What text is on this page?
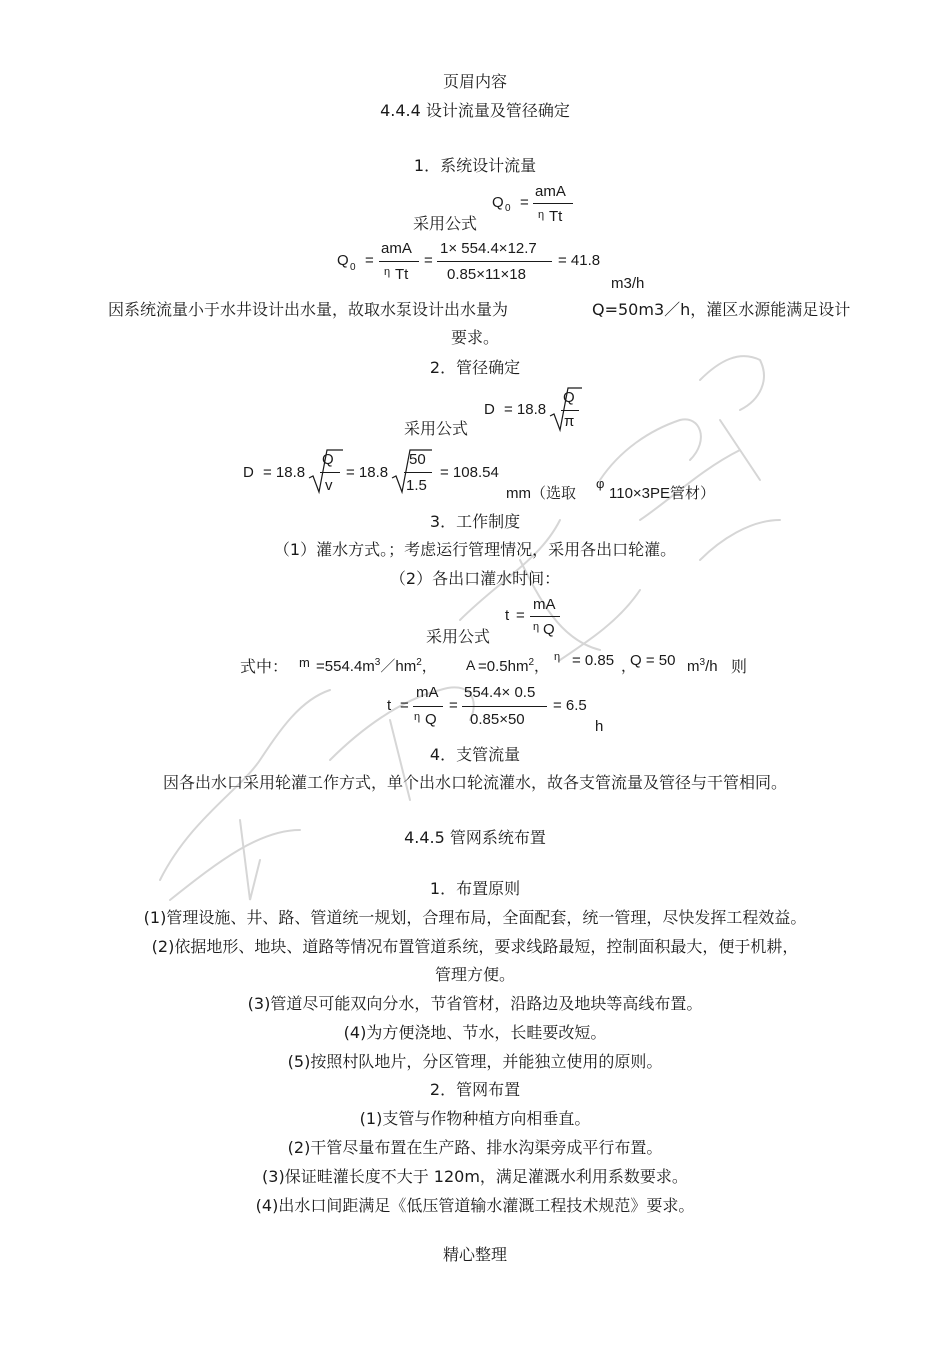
页眉内容
4.4.4 设计流量及管径确定
1．系统设计流量
Q 0 =
amA
η Tt
采用公式
Q 0 =
amA
η Tt
=
1× 554.4×12.7
0.85×11×18
= 41.8
m3/h
因系统流量小于水井设计出水量，故取水泵设计出水量为	Q=50m3／h，灌区水源能满足设计
要求。
2．管径确定
D = 18.8
Q
π
采用公式
D = 18.8
Q
v
= 18.8
50
1.5
= 108.54
mm（选取
φ
110×3PE管材）
3．工作制度
（1）灌水方式。；考虑运行管理情况，采用各出口轮灌。
（2）各出口灌水时间：
t =
mA
η Q
采用公式
式中： $m =554.4m^3/hm^2$， $A =0.5hm^2$，
η = 0.85 ，
Q = 50 $m^3/h$ 则
t =
mA
η Q
=
554.4× 0.5
0.85×50
= 6.5
h
4．支管流量
因各出水口采用轮灌工作方式，单个出水口轮流灌水，故各支管流量及管径与干管相同。
4.4.5 管网系统布置
1．布置原则
(1)管理设施、井、路、管道统一规划，合理布局，全面配套，统一管理，尽快发挥工程效益。
(2)依据地形、地块、道路等情况布置管道系统，要求线路最短，控制面积最大，便于机耕，
管理方便。
(3)管道尽可能双向分水，节省管材，沿路边及地块等高线布置。
(4)为方便浇地、节水，长畦要改短。
(5)按照村队地片，分区管理，并能独立使用的原则。
2．管网布置
(1)支管与作物种植方向相垂直。
(2)干管尽量布置在生产路、排水沟渠旁成平行布置。
(3)保证畦灌长度不大于 120m，满足灌溉水利用系数要求。
(4)出水口间距满足《低压管道输水灌溉工程技术规范》要求。
精心整理
